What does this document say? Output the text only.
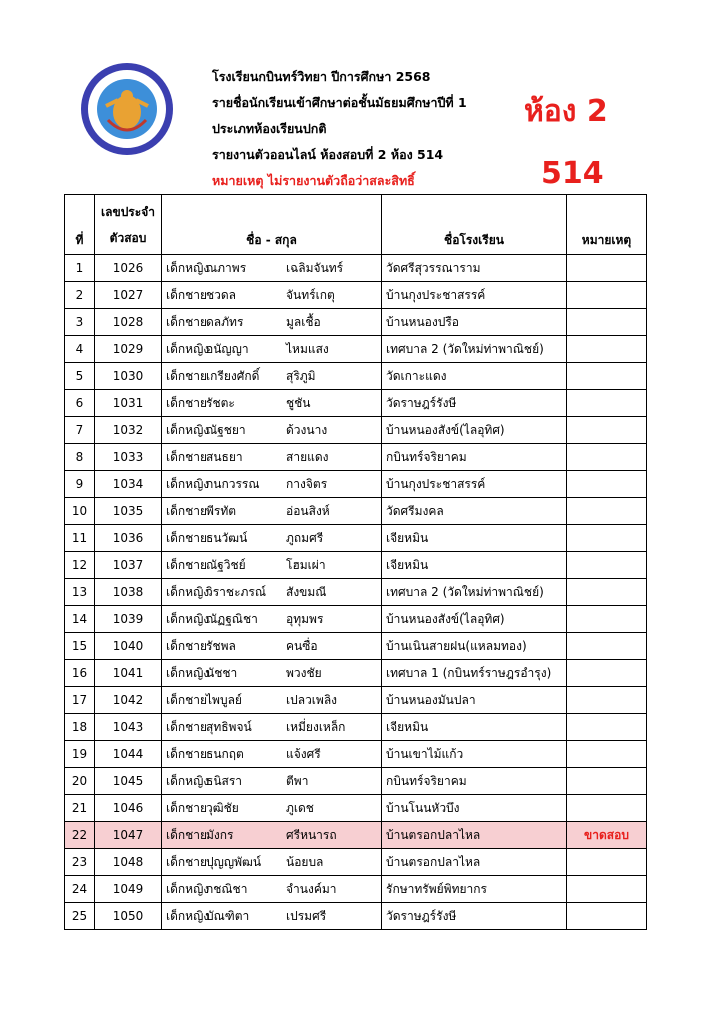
โรงเรียนกบินทร์วิทยา ปีการศึกษา 2568
รายชื่อนักเรียนเข้าศึกษาต่อชั้นมัธยมศึกษาปีที่ 1
ประเภทห้องเรียนปกติ
รายงานตัวออนไลน์ ห้องสอบที่ 2 ห้อง 514
หมายเหตุ ไม่รายงานตัวถือว่าสละสิทธิ์
ห้อง 2
514
ที่	เลขประจำ
ตัวสอบ	ชื่อ - สกุล	ชื่อโรงเรียน	หมายเหตุ
1	1026	เด็กหญิงณภาพร เฉลิมจันทร์	วัดศรีสุวรรณาราม	
2	1027	เด็กชายชวดล จันทร์เกตุ	บ้านกุงประชาสรรค์	
3	1028	เด็กชายดลภัทร มูลเชื้อ	บ้านหนองปรือ	
4	1029	เด็กหญิงอนัญญา ไหมแสง	เทศบาล 2 (วัดใหม่ท่าพาณิชย์)	
5	1030	เด็กชายเกรียงศักดิ์ สุริภูมิ	วัดเกาะแดง	
6	1031	เด็กชายรัชตะ ชูชัน	วัดราษฎร์รังษี	
7	1032	เด็กหญิงณัฐชยา ด้วงนาง	บ้านหนองสังข์(ไลอุทิศ)	
8	1033	เด็กชายสนธยา สายแดง	กบินทร์จริยาคม	
9	1034	เด็กหญิงกนกวรรณ กางจิตร	บ้านกุงประชาสรรค์	
10	1035	เด็กชายพีรทัต อ่อนสิงห์	วัดศรีมงคล	
11	1036	เด็กชายธนวัฒน์ ภูถมศรี	เจียหมิน	
12	1037	เด็กชายณัฐวิชย์ โฮมเผ่า	เจียหมิน	
13	1038	เด็กหญิงวิราชะภรณ์ สังขมณี	เทศบาล 2 (วัดใหม่ท่าพาณิชย์)	
14	1039	เด็กหญิงณัฏฐณิชา อุทุมพร	บ้านหนองสังข์(ไลอุทิศ)	
15	1040	เด็กชายรัชพล คนซื่อ	บ้านเนินสายฝน(แหลมทอง)	
16	1041	เด็กหญิงนัชชา พวงชัย	เทศบาล 1 (กบินทร์ราษฎรอำรุง)	
17	1042	เด็กชายไพบูลย์ เปลวเพลิง	บ้านหนองมันปลา	
18	1043	เด็กชายสุทธิพจน์ เหมี่ยงเหล็ก	เจียหมิน	
19	1044	เด็กชายธนกฤต แจ้งศรี	บ้านเขาไม้แก้ว	
20	1045	เด็กหญิงธนิสรา ตีพา	กบินทร์จริยาคม	
21	1046	เด็กชายวุฒิชัย ภูเดช	บ้านโนนหัวบึง	
22	1047	เด็กชายมังกร ศรีหนารถ	บ้านตรอกปลาไหล	ขาดสอบ
23	1048	เด็กชายปุญญพัฒน์ น้อยบล	บ้านตรอกปลาไหล	
24	1049	เด็กหญิงกชณิชา จำนงค์มา	รักษาทรัพย์พิทยากร	
25	1050	เด็กหญิงบัณฑิตา เปรมศรี	วัดราษฎร์รังษี	
